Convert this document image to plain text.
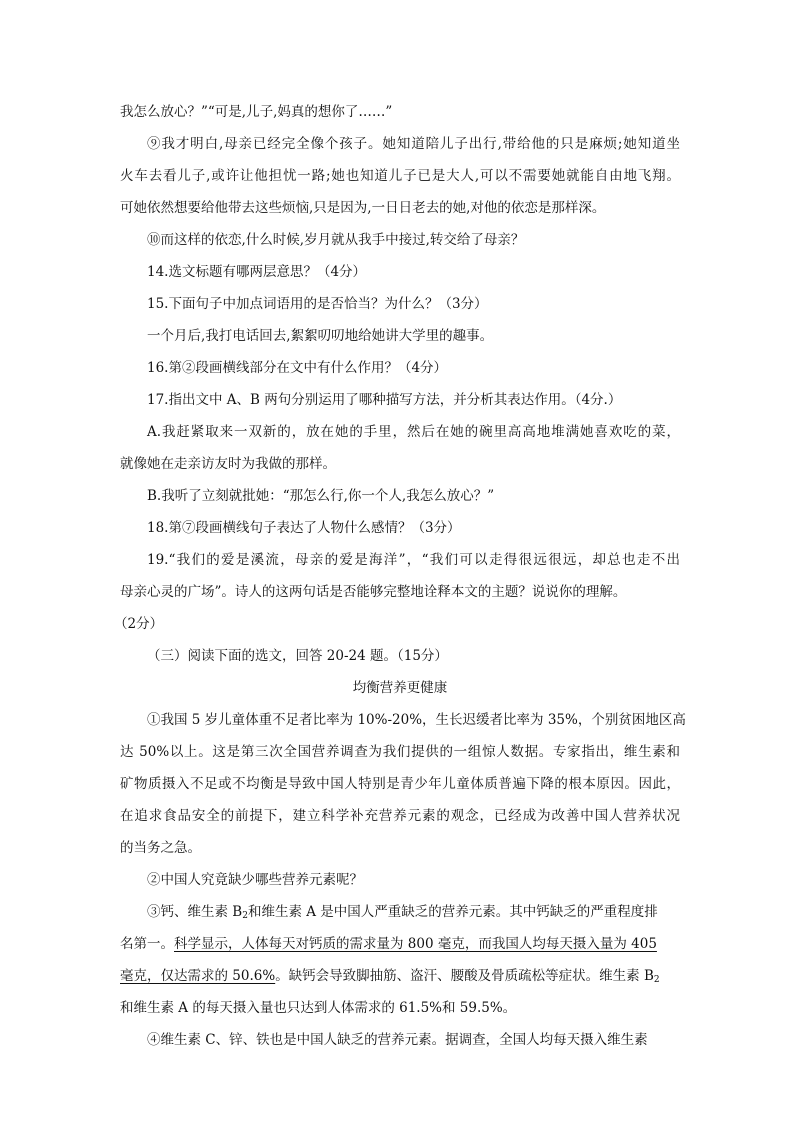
我怎么放心？”“可是,儿子,妈真的想你了……”
⑨我才明白,母亲已经完全像个孩子。她知道陪儿子出行,带给他的只是麻烦;她知道坐
火车去看儿子,或许让他担忧一路;她也知道儿子已是大人,可以不需要她就能自由地飞翔。
可她依然想要给他带去这些烦恼,只是因为,一日日老去的她,对他的依恋是那样深。
⑩而这样的依恋,什么时候,岁月就从我手中接过,转交给了母亲？
14.选文标题有哪两层意思？（4分）
15.下面句子中加点词语用的是否恰当？为什么？（3分）
一个月后,我打电话回去,絮絮叨叨地给她讲大学里的趣事。
16.第②段画横线部分在文中有什么作用？（4分）
17.指出文中 A、B 两句分别运用了哪种描写方法，并分析其表达作用。（4分.）
A.我赶紧取来一双新的，放在她的手里，然后在她的碗里高高地堆满她喜欢吃的菜，
就像她在走亲访友时为我做的那样。
B.我听了立刻就批她：“那怎么行,你一个人,我怎么放心？”
18.第⑦段画横线句子表达了人物什么感情？（3分）
19.“我们的爱是溪流，母亲的爱是海洋”，“我们可以走得很远很远，却总也走不出
母亲心灵的广场”。诗人的这两句话是否能够完整地诠释本文的主题？说说你的理解。
（2分）
（三）阅读下面的选文，回答 20-24 题。（15分）
均衡营养更健康
①我国 5 岁儿童体重不足者比率为 10%-20%，生长迟缓者比率为 35%，个别贫困地区高
达 50%以上。这是第三次全国营养调查为我们提供的一组惊人数据。专家指出，维生素和
矿物质摄入不足或不均衡是导致中国人特别是青少年儿童体质普遍下降的根本原因。因此，
在追求食品安全的前提下，建立科学补充营养元素的观念，已经成为改善中国人营养状况
的当务之急。
②中国人究竟缺少哪些营养元素呢？
③钙、维生素 $B_2$和维生素 A 是中国人严重缺乏的营养元素。其中钙缺乏的严重程度排
名第一。科学显示，人体每天对钙质的需求量为 800 毫克，而我国人均每天摄入量为 405
毫克，仅达需求的 50.6%。缺钙会导致脚抽筋、盗汗、腰酸及骨质疏松等症状。维生素 $B_2$
和维生素 A 的每天摄入量也只达到人体需求的 61.5%和 59.5%。
④维生素 C、锌、铁也是中国人缺乏的营养元素。据调查，全国人均每天摄入维生素
